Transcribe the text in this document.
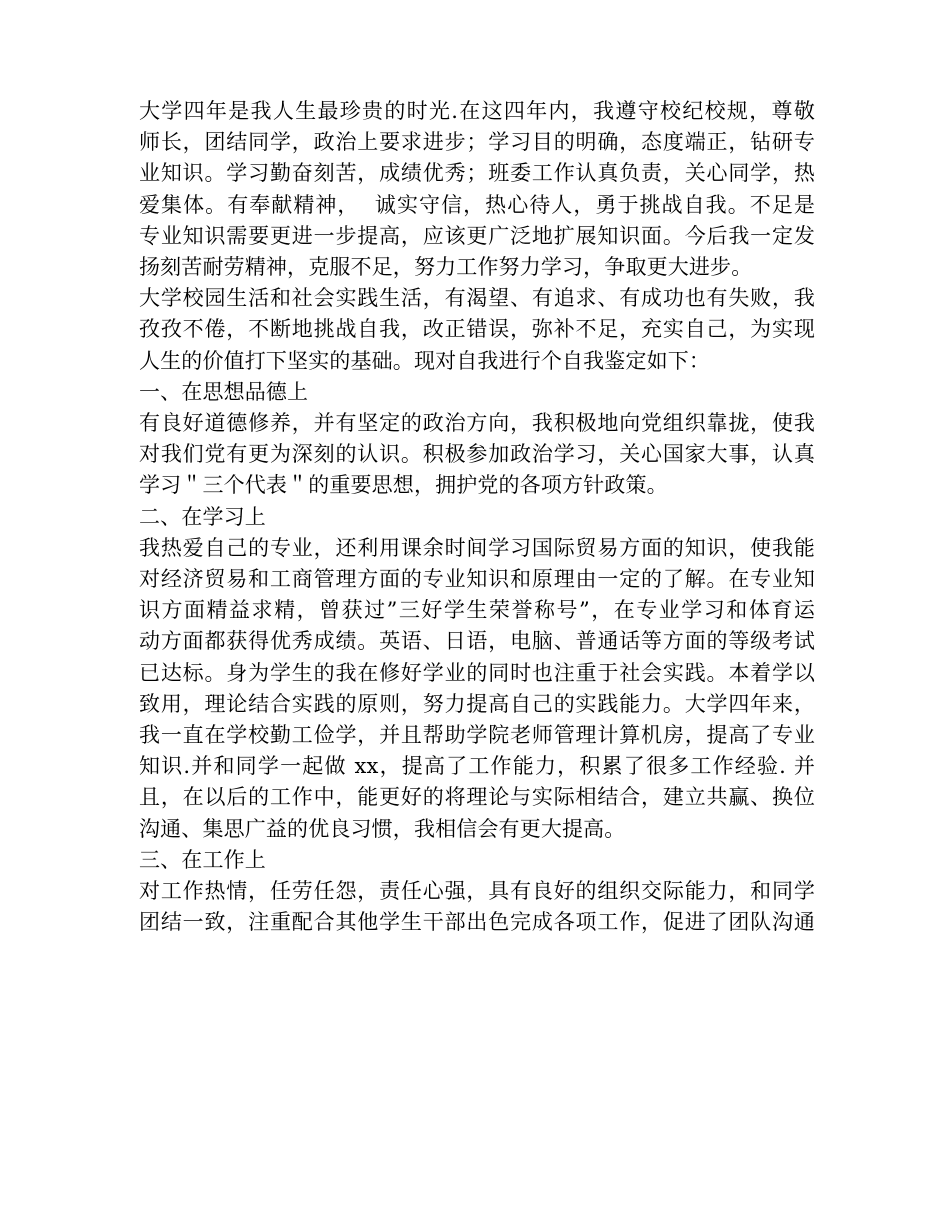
大学四年是我人生最珍贵的时光.在这四年内，我遵守校纪校规，尊敬
师长，团结同学，政治上要求进步；学习目的明确，态度端正，钻研专
业知识。学习勤奋刻苦，成绩优秀；班委工作认真负责，关心同学，热
爱集体。有奉献精神，  诚实守信，热心待人，勇于挑战自我。不足是
专业知识需要更进一步提高，应该更广泛地扩展知识面。今后我一定发
扬刻苦耐劳精神，克服不足，努力工作努力学习，争取更大进步。
大学校园生活和社会实践生活，有渴望、有追求、有成功也有失败，我
孜孜不倦，不断地挑战自我，改正错误，弥补不足，充实自己，为实现
人生的价值打下坚实的基础。现对自我进行个自我鉴定如下：
一、在思想品德上
有良好道德修养，并有坚定的政治方向，我积极地向党组织靠拢，使我
对我们党有更为深刻的认识。积极参加政治学习，关心国家大事，认真
学习＂三个代表＂的重要思想，拥护党的各项方针政策。
二、在学习上
我热爱自己的专业，还利用课余时间学习国际贸易方面的知识，使我能
对经济贸易和工商管理方面的专业知识和原理由一定的了解。在专业知
识方面精益求精，曾获过”三好学生荣誉称号”，在专业学习和体育运
动方面都获得优秀成绩。英语、日语，电脑、普通话等方面的等级考试
已达标。身为学生的我在修好学业的同时也注重于社会实践。本着学以
致用，理论结合实践的原则，努力提高自己的实践能力。大学四年来，
我一直在学校勤工俭学，并且帮助学院老师管理计算机房，提高了专业
知识.并和同学一起做 xx，提高了工作能力，积累了很多工作经验. 并
且，在以后的工作中，能更好的将理论与实际相结合，建立共赢、换位
沟通、集思广益的优良习惯，我相信会有更大提高。
三、在工作上
对工作热情，任劳任怨，责任心强，具有良好的组织交际能力，和同学
团结一致，注重配合其他学生干部出色完成各项工作，促进了团队沟通
